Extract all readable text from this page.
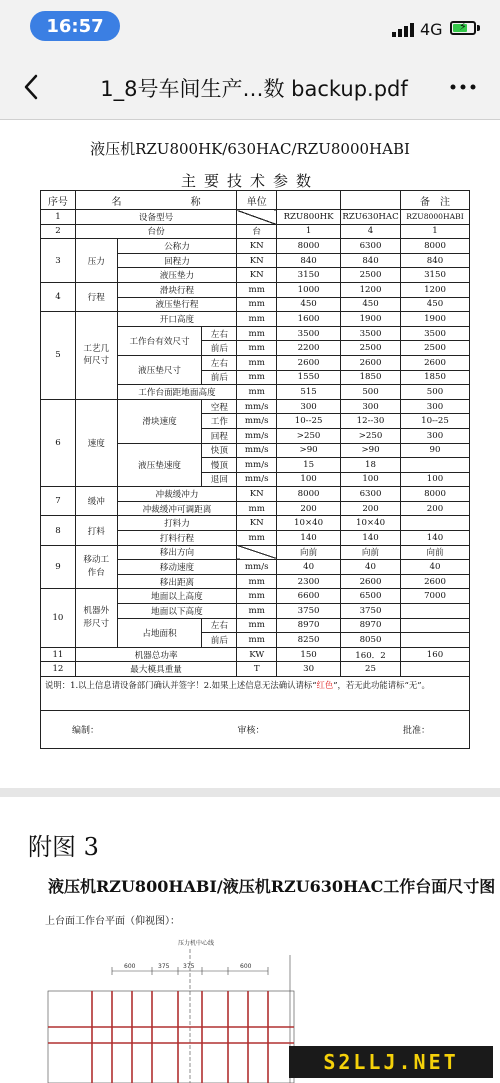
16:57	4G ⚡
1_8号车间生产…数 backup.pdf
液压机RZU800HK/630HAC/RZU8000HABI
主要技术参数
序号	名 称			单位			备　注
1	设备型号				RZU800HK	RZU630HAC	RZU8000HABI
2	台份			台	1	4	1
3	压力	公称力		KN	8000	6300	8000
		回程力		KN	840	840	840
		液压垫力		KN	3150	2500	3150
4	行程	滑块行程		mm	1000	1200	1200
		液压垫行程		mm	450	450	450
5	工艺几何尺寸	开口高度		mm	1600	1900	1900
		工作台有效尺寸	左右	mm	3500	3500	3500
			前后	mm	2200	2500	2500
		液压垫尺寸	左右	mm	2600	2600	2600
			前后	mm	1550	1850	1850
		工作台面距地面高度		mm	515	500	500
6	速度	滑块速度	空程	mm/s	300	300	300
			工作	mm/s	10--25	12--30	10--25
			回程	mm/s	>250	>250	300
		液压垫速度	快顶	mm/s	>90	>90	90
			慢顶	mm/s	15	18	
			退回	mm/s	100	100	100
7	缓冲	冲裁缓冲力		KN	8000	6300	8000
		冲裁缓冲可调距离		mm	200	200	200
8	打料	打料力		KN	10×40	10×40	
		打料行程		mm	140	140	140
9	移动工作台	移出方向			向前	向前	向前
		移动速度		mm/s	40	40	40
		移出距离		mm	2300	2600	2600
10	机器外形尺寸	地面以上高度		mm	6600	6500	7000
		地面以下高度		mm	3750	3750	
		占地面积	左右	mm	8970	8970	
			前后	mm	8250	8050	
11	机器总功率			KW	150	160．2	160
12	最大模具重量			T	30	25	
说明：1.以上信息请设备部门确认并签字！2.如果上述信息无法确认请标“红色”，若无此功能请标“无”。							

编制： 审核： 批准：							
附图 3
液压机RZU800HABI/液压机RZU630HAC工作台面尺寸图
上台面工作台平面（仰视图）：
600	375 375	600
压力机中心线
S2LLJ.NET
